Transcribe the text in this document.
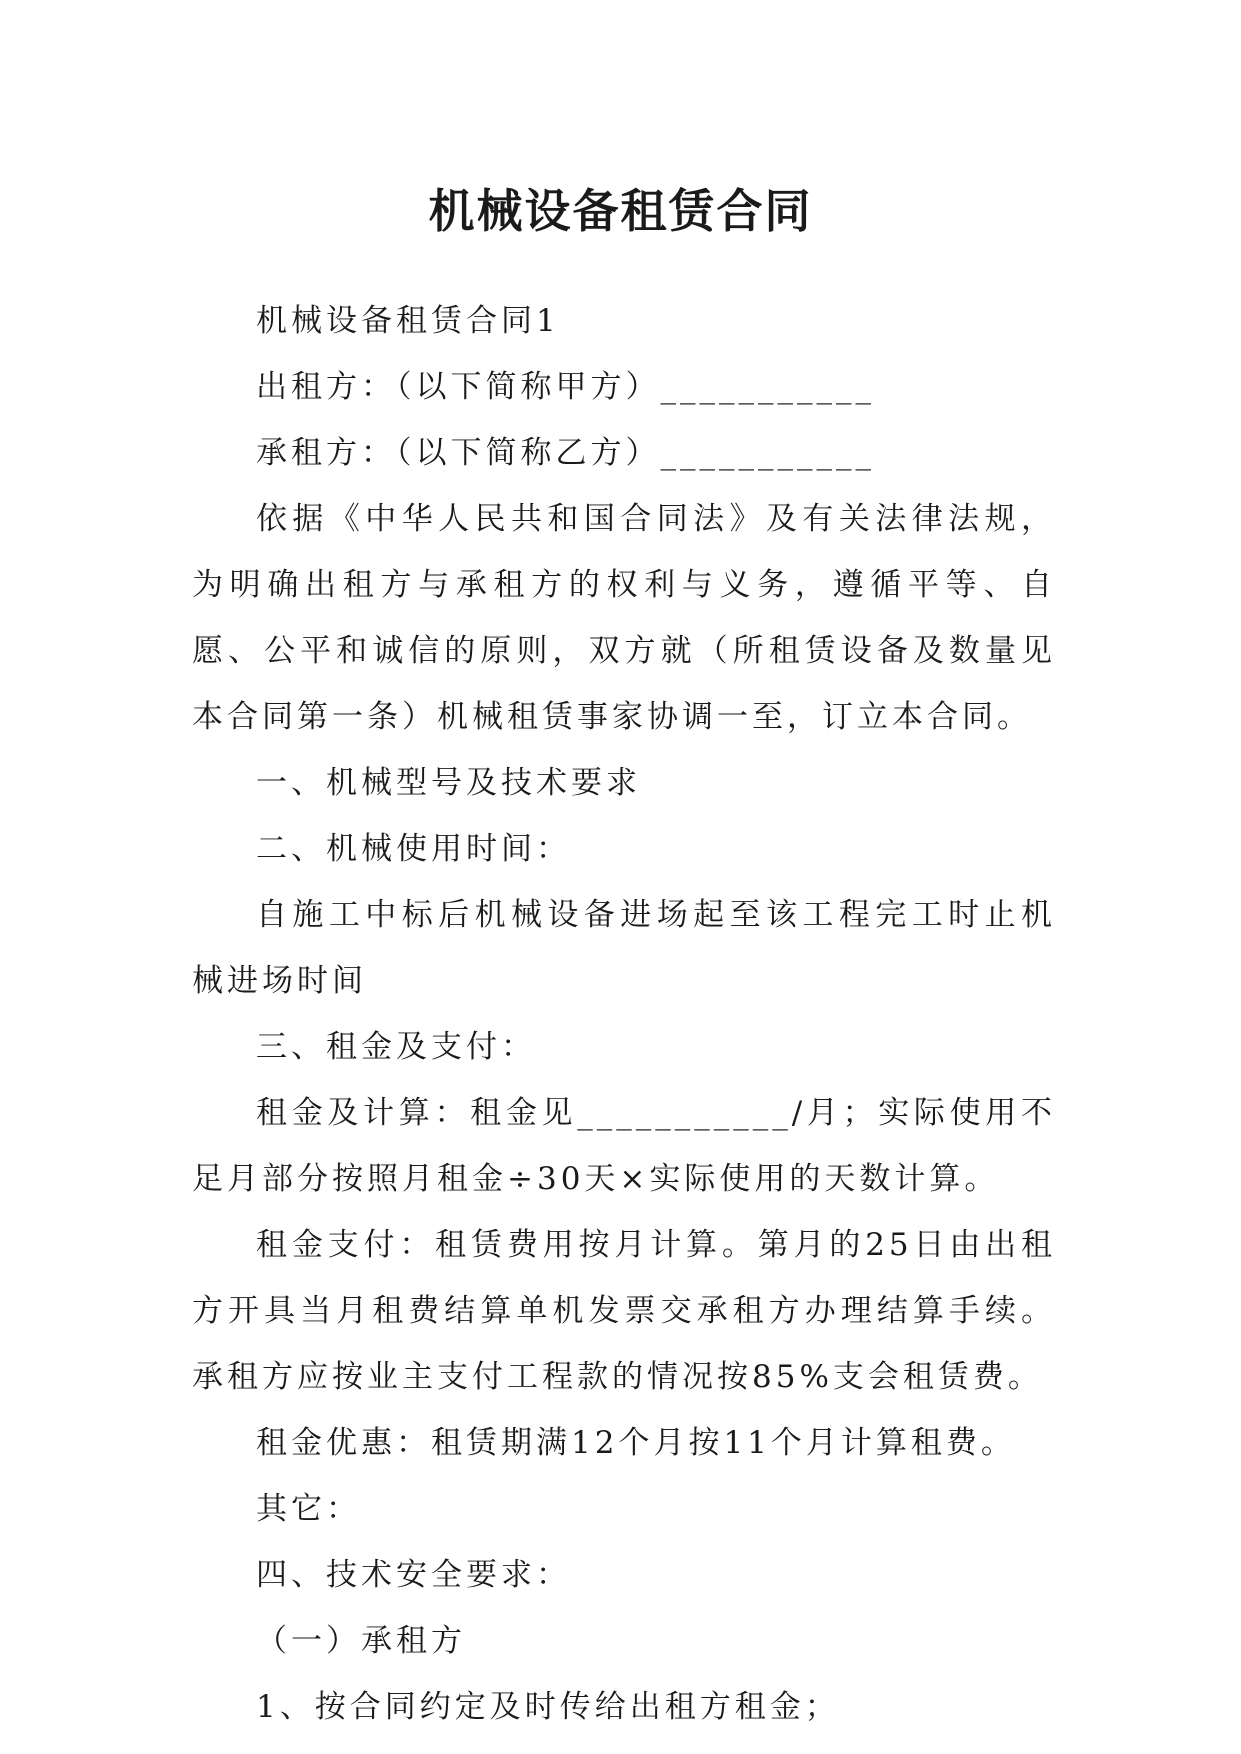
机械设备租赁合同

机械设备租赁合同1

出租方：（以下简称甲方）___________

承租方：（以下简称乙方）___________

依据《中华人民共和国合同法》及有关法律法规，为明确出租方与承租方的权利与义务，遵循平等、自愿、公平和诚信的原则，双方就（所租赁设备及数量见本合同第一条）机械租赁事家协调一至，订立本合同。

一、机械型号及技术要求

二、机械使用时间：

自施工中标后机械设备进场起至该工程完工时止机械进场时间

三、租金及支付：

租金及计算：租金见___________/月；实际使用不足月部分按照月租金÷30天×实际使用的天数计算。

租金支付：租赁费用按月计算。第月的25日由出租方开具当月租费结算单机发票交承租方办理结算手续。承租方应按业主支付工程款的情况按85%支会租赁费。

租金优惠：租赁期满12个月按11个月计算租费。

其它：

四、技术安全要求：

（一）承租方

1、按合同约定及时传给出租方租金；
